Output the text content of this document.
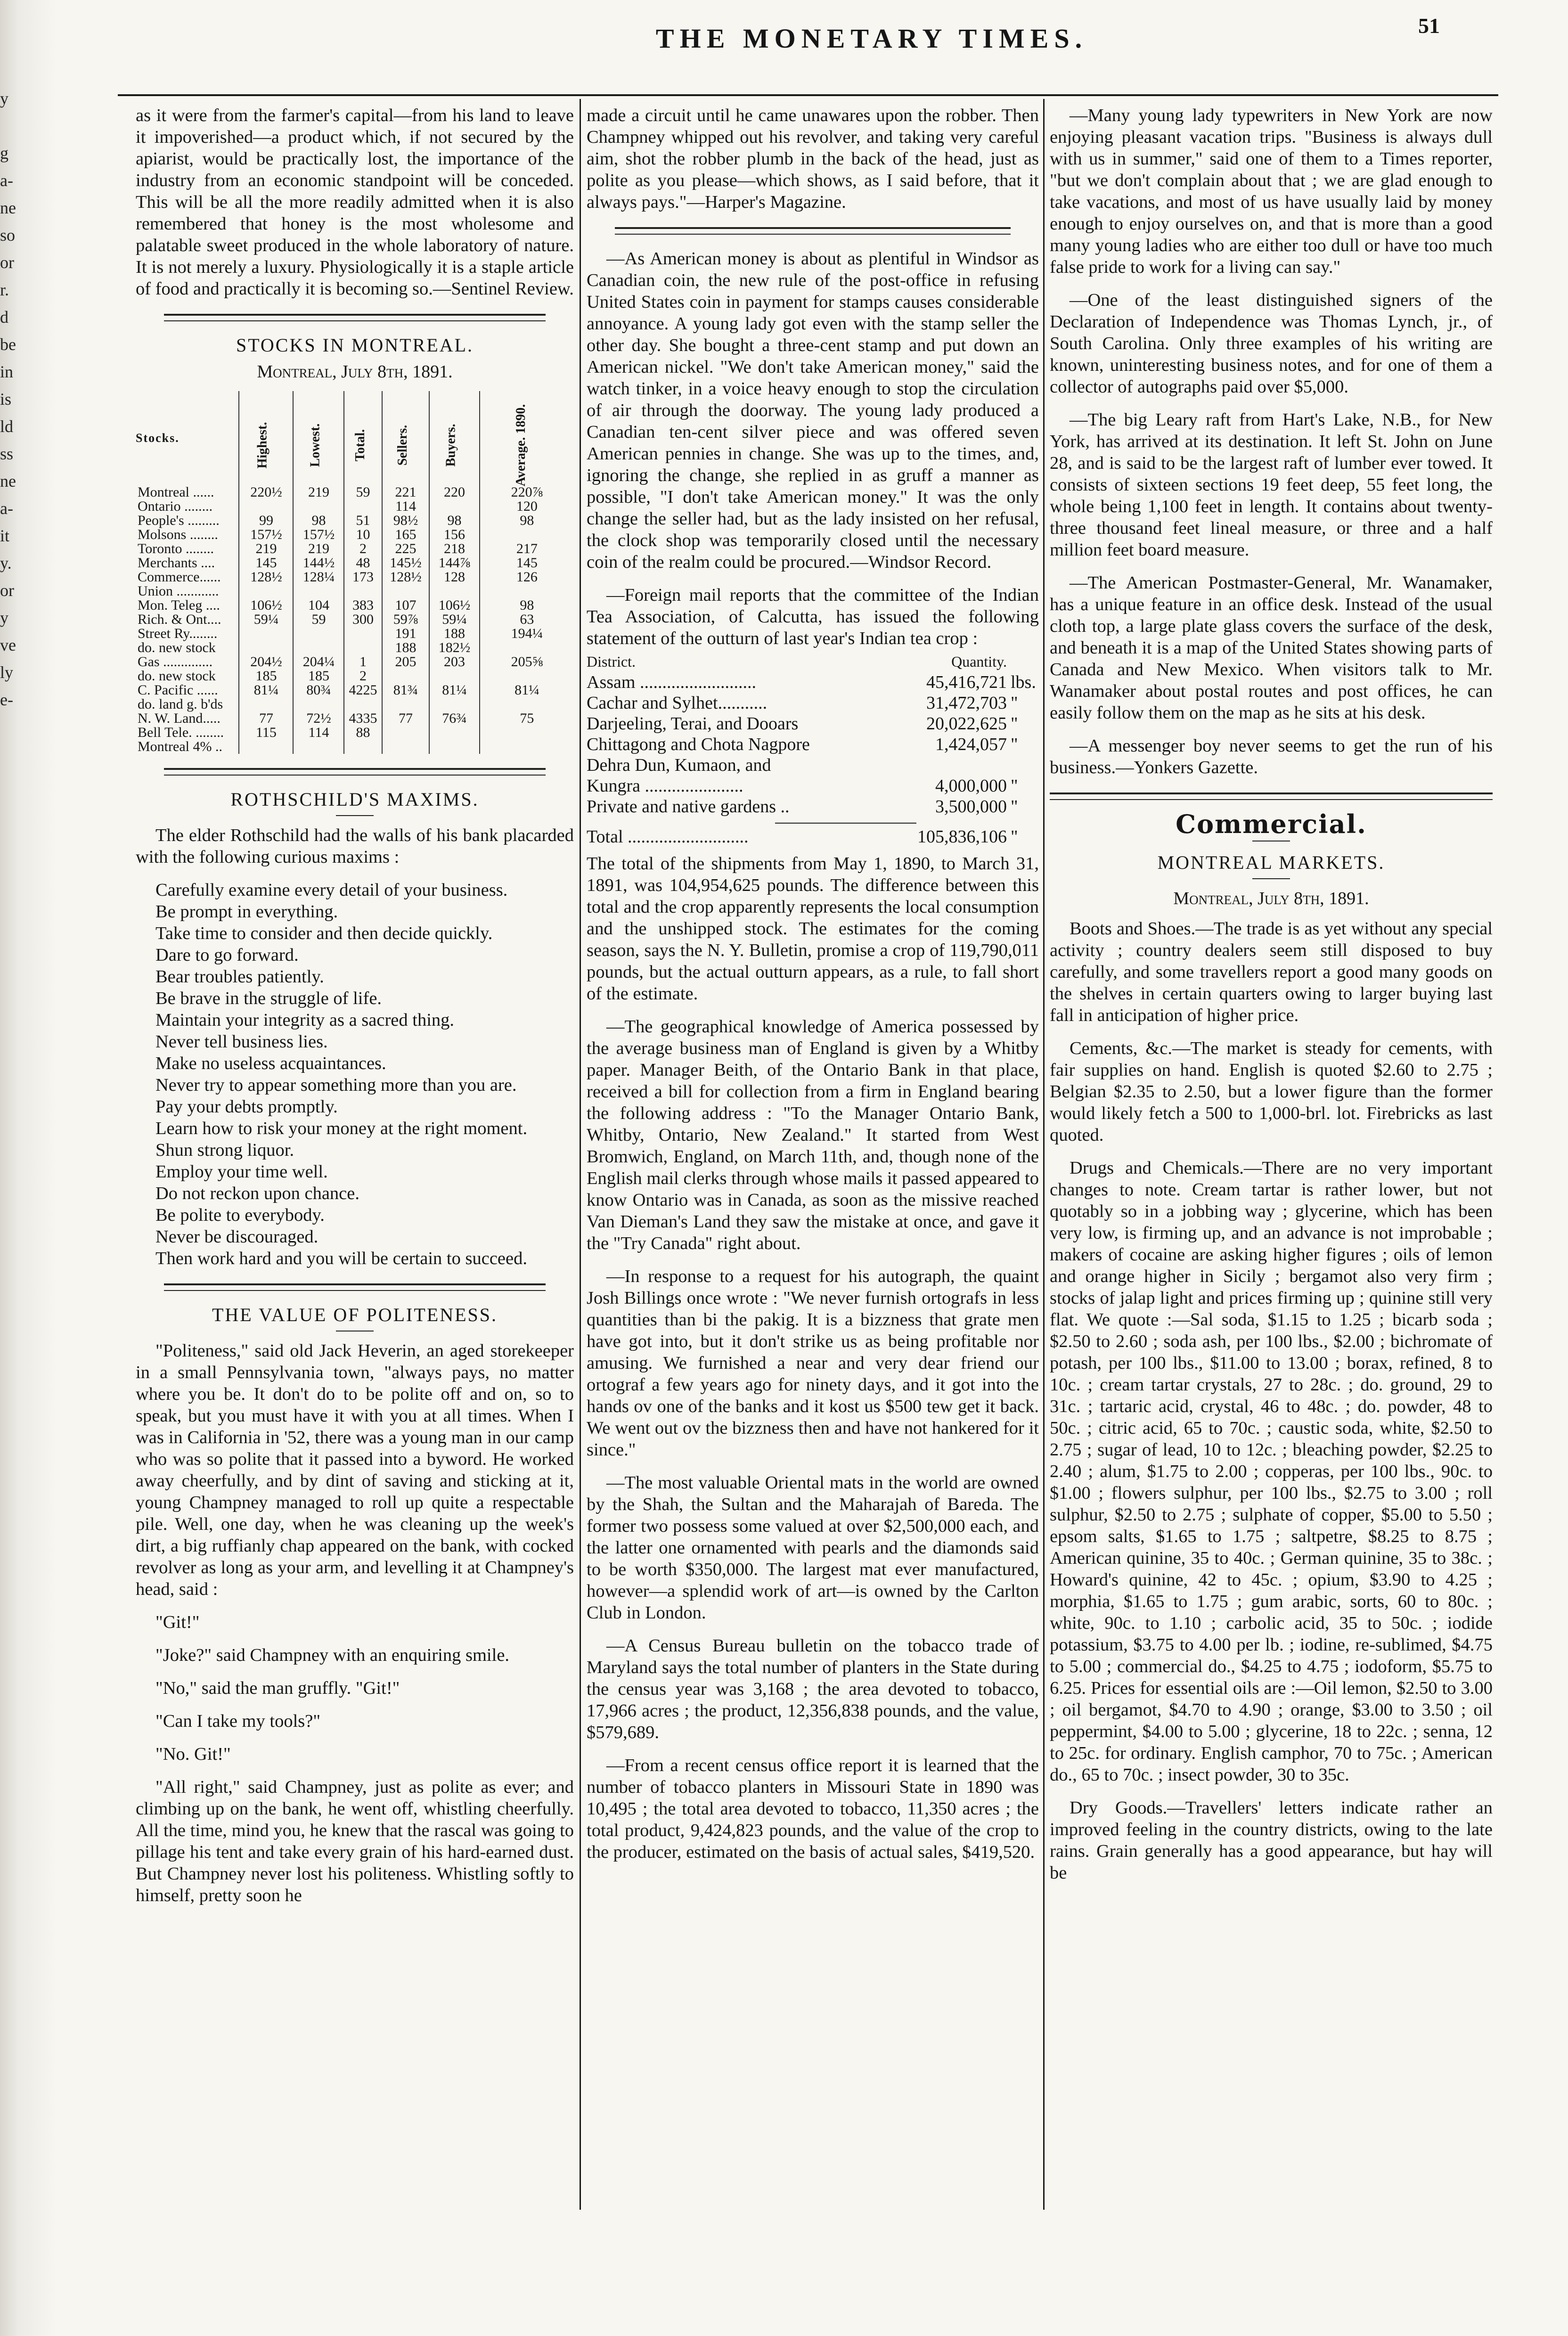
y
g
a-
ne
so
or
r.
d
be
in
is
ld
ss
ne
a-
it
y.
or
y
ve
ly
e-
THE MONETARY TIMES.	51

as it were from the farmer's capital—from his land to leave it impoverished—a product which, if not secured by the apiarist, would be practically lost, the importance of the industry from an economic standpoint will be conceded. This will be all the more readily admitted when it is also remembered that honey is the most wholesome and palatable sweet produced in the whole laboratory of nature. It is not merely a luxury. Physiologically it is a staple article of food and practically it is becoming so.—Sentinel Review.

STOCKS IN MONTREAL.
Montreal, July 8th, 1891.
Stocks.	Highest.	Lowest.	Total.	Sellers.	Buyers.	Average. 1890.
Montreal ......	220½	219	59	221	220	220⅞
Ontario ........				114		120
People's .........	99	98	51	98½	98	98
Molsons ........	157½	157½	10	165	156	
Toronto ........	219	219	2	225	218	217
Merchants ....	145	144½	48	145½	144⅞	145
Commerce......	128½	128¼	173	128½	128	126
Union ............						
Mon. Teleg ....	106½	104	383	107	106½	98
Rich. & Ont....	59¼	59	300	59⅞	59¼	63
Street Ry........				191	188	194¼
do. new stock				188	182½	
Gas ..............	204½	204¼	1	205	203	205⅝
do. new stock	185	185	2			
C. Pacific ......	81¼	80¾	4225	81¾	81¼	81¼
do. land g. b'ds						
N. W. Land.....	77	72½	4335	77	76¾	75
Bell Tele. ........	115	114	88			
Montreal 4% ..						
ROTHSCHILD'S MAXIMS.

The elder Rothschild had the walls of his bank placarded with the following curious maxims :

Carefully examine every detail of your business.
Be prompt in everything.
Take time to consider and then decide quickly.
Dare to go forward.
Bear troubles patiently.
Be brave in the struggle of life.
Maintain your integrity as a sacred thing.
Never tell business lies.
Make no useless acquaintances.
Never try to appear something more than you are.
Pay your debts promptly.
Learn how to risk your money at the right moment.
Shun strong liquor.
Employ your time well.
Do not reckon upon chance.
Be polite to everybody.
Never be discouraged.
Then work hard and you will be certain to succeed.
THE VALUE OF POLITENESS.

"Politeness," said old Jack Heverin, an aged storekeeper in a small Pennsylvania town, "always pays, no matter where you be. It don't do to be polite off and on, so to speak, but you must have it with you at all times. When I was in California in '52, there was a young man in our camp who was so polite that it passed into a byword. He worked away cheerfully, and by dint of saving and sticking at it, young Champney managed to roll up quite a respectable pile. Well, one day, when he was cleaning up the week's dirt, a big ruffianly chap appeared on the bank, with cocked revolver as long as your arm, and levelling it at Champney's head, said :

"Git!"

"Joke?" said Champney with an enquiring smile.

"No," said the man gruffly. "Git!"

"Can I take my tools?"

"No. Git!"

"All right," said Champney, just as polite as ever; and climbing up on the bank, he went off, whistling cheerfully. All the time, mind you, he knew that the rascal was going to pillage his tent and take every grain of his hard-earned dust. But Champney never lost his politeness. Whistling softly to himself, pretty soon he

made a circuit until he came unawares upon the robber. Then Champney whipped out his revolver, and taking very careful aim, shot the robber plumb in the back of the head, just as polite as you please—which shows, as I said before, that it always pays."—Harper's Magazine.

—As American money is about as plentiful in Windsor as Canadian coin, the new rule of the post-office in refusing United States coin in payment for stamps causes considerable annoyance. A young lady got even with the stamp seller the other day. She bought a three-cent stamp and put down an American nickel. "We don't take American money," said the watch tinker, in a voice heavy enough to stop the circulation of air through the doorway. The young lady produced a Canadian ten-cent silver piece and was offered seven American pennies in change. She was up to the times, and, ignoring the change, she replied in as gruff a manner as possible, "I don't take American money." It was the only change the seller had, but as the lady insisted on her refusal, the clock shop was temporarily closed until the necessary coin of the realm could be procured.—Windsor Record.

—Foreign mail reports that the committee of the Indian Tea Association, of Calcutta, has issued the following statement of the outturn of last year's Indian tea crop :

District.	Quantity.	
Assam ..........................	45,416,721	lbs.
Cachar and Sylhet...........	31,472,703	"
Darjeeling, Terai, and Dooars	20,022,625	"
Chittagong and Chota Nagpore	1,424,057	"
Dehra Dun, Kumaon, and		
Kungra ......................	4,000,000	"
Private and native gardens ..	3,500,000	"
Total ...........................	105,836,106	"

The total of the shipments from May 1, 1890, to March 31, 1891, was 104,954,625 pounds. The difference between this total and the crop apparently represents the local consumption and the unshipped stock. The estimates for the coming season, says the N. Y. Bulletin, promise a crop of 119,790,011 pounds, but the actual outturn appears, as a rule, to fall short of the estimate.

—The geographical knowledge of America possessed by the average business man of England is given by a Whitby paper. Manager Beith, of the Ontario Bank in that place, received a bill for collection from a firm in England bearing the following address : "To the Manager Ontario Bank, Whitby, Ontario, New Zealand." It started from West Bromwich, England, on March 11th, and, though none of the English mail clerks through whose mails it passed appeared to know Ontario was in Canada, as soon as the missive reached Van Dieman's Land they saw the mistake at once, and gave it the "Try Canada" right about.

—In response to a request for his autograph, the quaint Josh Billings once wrote : "We never furnish ortografs in less quantities than bi the pakig. It is a bizzness that grate men have got into, but it don't strike us as being profitable nor amusing. We furnished a near and very dear friend our ortograf a few years ago for ninety days, and it got into the hands ov one of the banks and it kost us $500 tew get it back. We went out ov the bizzness then and have not hankered for it since."

—The most valuable Oriental mats in the world are owned by the Shah, the Sultan and the Maharajah of Bareda. The former two possess some valued at over $2,500,000 each, and the latter one ornamented with pearls and the diamonds said to be worth $350,000. The largest mat ever manufactured, however—a splendid work of art—is owned by the Carlton Club in London.

—A Census Bureau bulletin on the tobacco trade of Maryland says the total number of planters in the State during the census year was 3,168 ; the area devoted to tobacco, 17,966 acres ; the product, 12,356,838 pounds, and the value, $579,689.

—From a recent census office report it is learned that the number of tobacco planters in Missouri State in 1890 was 10,495 ; the total area devoted to tobacco, 11,350 acres ; the total product, 9,424,823 pounds, and the value of the crop to the producer, estimated on the basis of actual sales, $419,520.

—Many young lady typewriters in New York are now enjoying pleasant vacation trips. "Business is always dull with us in summer," said one of them to a Times reporter, "but we don't complain about that ; we are glad enough to take vacations, and most of us have usually laid by money enough to enjoy ourselves on, and that is more than a good many young ladies who are either too dull or have too much false pride to work for a living can say."

—One of the least distinguished signers of the Declaration of Independence was Thomas Lynch, jr., of South Carolina. Only three examples of his writing are known, uninteresting business notes, and for one of them a collector of autographs paid over $5,000.

—The big Leary raft from Hart's Lake, N.B., for New York, has arrived at its destination. It left St. John on June 28, and is said to be the largest raft of lumber ever towed. It consists of sixteen sections 19 feet deep, 55 feet long, the whole being 1,100 feet in length. It contains about twenty-three thousand feet lineal measure, or three and a half million feet board measure.

—The American Postmaster-General, Mr. Wanamaker, has a unique feature in an office desk. Instead of the usual cloth top, a large plate glass covers the surface of the desk, and beneath it is a map of the United States showing parts of Canada and New Mexico. When visitors talk to Mr. Wanamaker about postal routes and post offices, he can easily follow them on the map as he sits at his desk.

—A messenger boy never seems to get the run of his business.—Yonkers Gazette.

Commercial.
MONTREAL MARKETS.
Montreal, July 8th, 1891.

Boots and Shoes.—The trade is as yet without any special activity ; country dealers seem still disposed to buy carefully, and some travellers report a good many goods on the shelves in certain quarters owing to larger buying last fall in anticipation of higher price.

Cements, &c.—The market is steady for cements, with fair supplies on hand. English is quoted $2.60 to 2.75 ; Belgian $2.35 to 2.50, but a lower figure than the former would likely fetch a 500 to 1,000-brl. lot. Firebricks as last quoted.

Drugs and Chemicals.—There are no very important changes to note. Cream tartar is rather lower, but not quotably so in a jobbing way ; glycerine, which has been very low, is firming up, and an advance is not improbable ; makers of cocaine are asking higher figures ; oils of lemon and orange higher in Sicily ; bergamot also very firm ; stocks of jalap light and prices firming up ; quinine still very flat. We quote :—Sal soda, $1.15 to 1.25 ; bicarb soda ; $2.50 to 2.60 ; soda ash, per 100 lbs., $2.00 ; bichromate of potash, per 100 lbs., $11.00 to 13.00 ; borax, refined, 8 to 10c. ; cream tartar crystals, 27 to 28c. ; do. ground, 29 to 31c. ; tartaric acid, crystal, 46 to 48c. ; do. powder, 48 to 50c. ; citric acid, 65 to 70c. ; caustic soda, white, $2.50 to 2.75 ; sugar of lead, 10 to 12c. ; bleaching powder, $2.25 to 2.40 ; alum, $1.75 to 2.00 ; copperas, per 100 lbs., 90c. to $1.00 ; flowers sulphur, per 100 lbs., $2.75 to 3.00 ; roll sulphur, $2.50 to 2.75 ; sulphate of copper, $5.00 to 5.50 ; epsom salts, $1.65 to 1.75 ; saltpetre, $8.25 to 8.75 ; American quinine, 35 to 40c. ; German quinine, 35 to 38c. ; Howard's quinine, 42 to 45c. ; opium, $3.90 to 4.25 ; morphia, $1.65 to 1.75 ; gum arabic, sorts, 60 to 80c. ; white, 90c. to 1.10 ; carbolic acid, 35 to 50c. ; iodide potassium, $3.75 to 4.00 per lb. ; iodine, re-sublimed, $4.75 to 5.00 ; commercial do., $4.25 to 4.75 ; iodoform, $5.75 to 6.25. Prices for essential oils are :—Oil lemon, $2.50 to 3.00 ; oil bergamot, $4.70 to 4.90 ; orange, $3.00 to 3.50 ; oil peppermint, $4.00 to 5.00 ; glycerine, 18 to 22c. ; senna, 12 to 25c. for ordinary. English camphor, 70 to 75c. ; American do., 65 to 70c. ; insect powder, 30 to 35c.

Dry Goods.—Travellers' letters indicate rather an improved feeling in the country districts, owing to the late rains. Grain generally has a good appearance, but hay will be
